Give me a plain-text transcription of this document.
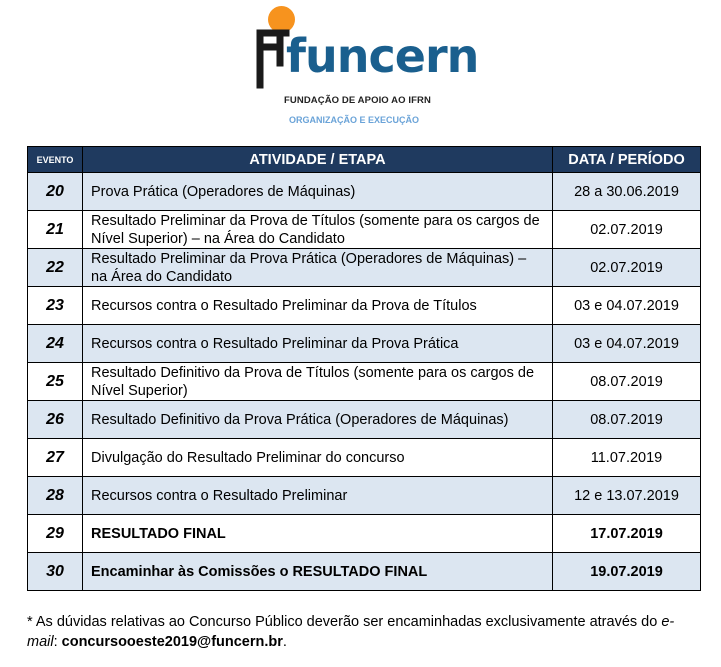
funcern
FUNDAÇÃO DE APOIO AO IFRN
ORGANIZAÇÃO E EXECUÇÃO
EVENTO	ATIVIDADE / ETAPA	DATA / PERÍODO
20	Prova Prática (Operadores de Máquinas)	28 a 30.06.2019
21	Resultado Preliminar da Prova de Títulos (somente para os cargos de Nível Superior) – na Área do Candidato	02.07.2019
22	Resultado Preliminar da Prova Prática (Operadores de Máquinas) – na Área do Candidato	02.07.2019
23	Recursos contra o Resultado Preliminar da Prova de Títulos	03 e 04.07.2019
24	Recursos contra o Resultado Preliminar da Prova Prática	03 e 04.07.2019
25	Resultado Definitivo da Prova de Títulos (somente para os cargos de Nível Superior)	08.07.2019
26	Resultado Definitivo da Prova Prática (Operadores de Máquinas)	08.07.2019
27	Divulgação do Resultado Preliminar do concurso	11.07.2019
28	Recursos contra o Resultado Preliminar	12 e 13.07.2019
29	RESULTADO FINAL	17.07.2019
30	Encaminhar às Comissões o RESULTADO FINAL	19.07.2019
* As dúvidas relativas ao Concurso Público deverão ser encaminhadas exclusivamente através do e-mail: concursooeste2019@funcern.br.
